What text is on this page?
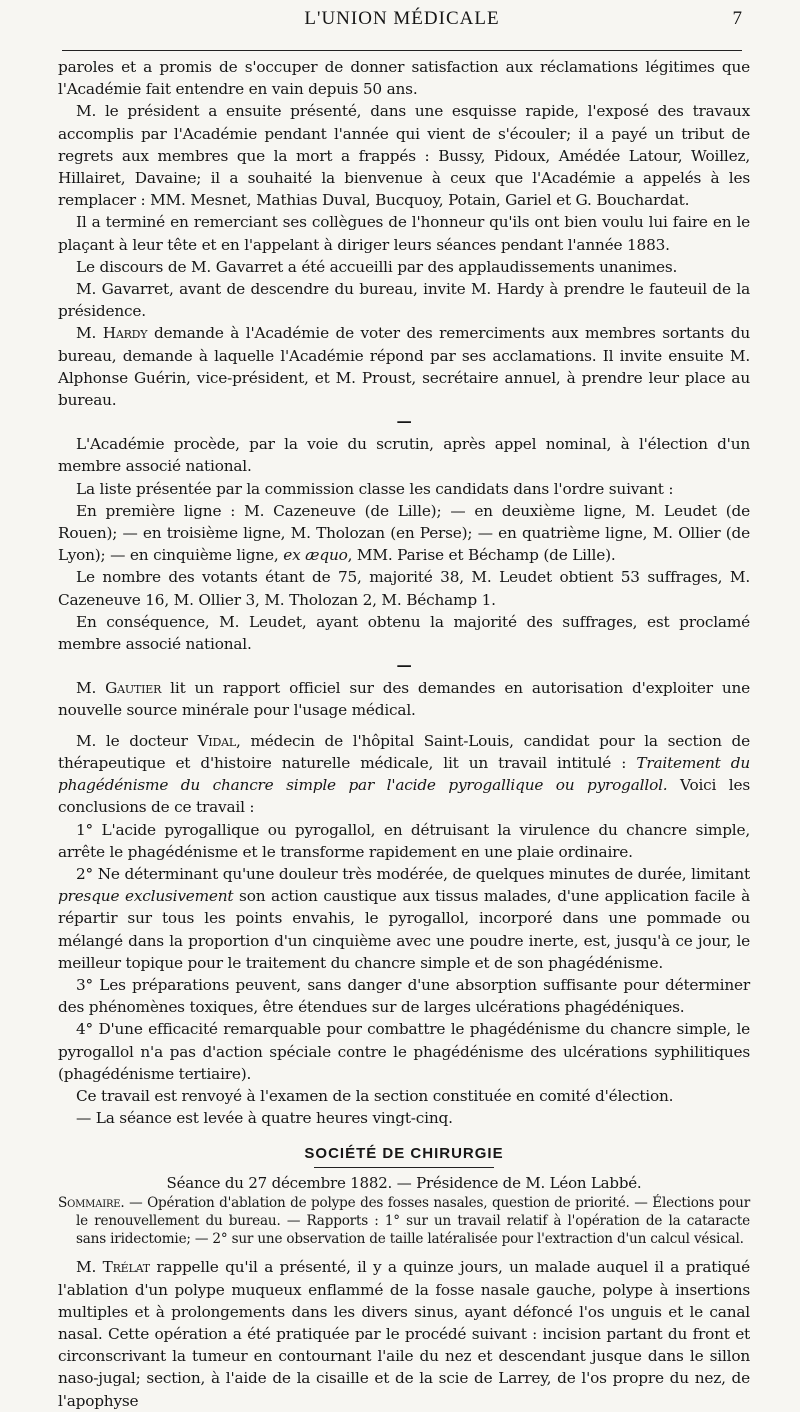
L'UNION MÉDICALE	7

paroles et a promis de s'occuper de donner satisfaction aux réclamations légitimes que l'Académie fait entendre en vain depuis 50 ans.

M. le président a ensuite présenté, dans une esquisse rapide, l'exposé des travaux accomplis par l'Académie pendant l'année qui vient de s'écouler; il a payé un tribut de regrets aux membres que la mort a frappés : Bussy, Pidoux, Amédée Latour, Woillez, Hillairet, Davaine; il a souhaité la bienvenue à ceux que l'Académie a appelés à les remplacer : MM. Mesnet, Mathias Duval, Bucquoy, Potain, Gariel et G. Bouchardat.

Il a terminé en remerciant ses collègues de l'honneur qu'ils ont bien voulu lui faire en le plaçant à leur tête et en l'appelant à diriger leurs séances pendant l'année 1883.

Le discours de M. Gavarret a été accueilli par des applaudissements unanimes.

M. Gavarret, avant de descendre du bureau, invite M. Hardy à prendre le fauteuil de la présidence.

M. Hardy demande à l'Académie de voter des remerciments aux membres sortants du bureau, demande à laquelle l'Académie répond par ses acclamations. Il invite ensuite M. Alphonse Guérin, vice-président, et M. Proust, secrétaire annuel, à prendre leur place au bureau.

—

L'Académie procède, par la voie du scrutin, après appel nominal, à l'élection d'un membre associé national.

La liste présentée par la commission classe les candidats dans l'ordre suivant :

En première ligne : M. Cazeneuve (de Lille); — en deuxième ligne, M. Leudet (de Rouen); — en troisième ligne, M. Tholozan (en Perse); — en quatrième ligne, M. Ollier (de Lyon); — en cinquième ligne, ex æquo, MM. Parise et Béchamp (de Lille).

Le nombre des votants étant de 75, majorité 38, M. Leudet obtient 53 suffrages, M. Cazeneuve 16, M. Ollier 3, M. Tholozan 2, M. Béchamp 1.

En conséquence, M. Leudet, ayant obtenu la majorité des suffrages, est proclamé membre associé national.

—

M. Gautier lit un rapport officiel sur des demandes en autorisation d'exploiter une nouvelle source minérale pour l'usage médical.

M. le docteur Vidal, médecin de l'hôpital Saint-Louis, candidat pour la section de thérapeutique et d'histoire naturelle médicale, lit un travail intitulé : Traitement du phagédénisme du chancre simple par l'acide pyrogallique ou pyrogallol. Voici les conclusions de ce travail :

1° L'acide pyrogallique ou pyrogallol, en détruisant la virulence du chancre simple, arrête le phagédénisme et le transforme rapidement en une plaie ordinaire.

2° Ne déterminant qu'une douleur très modérée, de quelques minutes de durée, limitant presque exclusivement son action caustique aux tissus malades, d'une application facile à répartir sur tous les points envahis, le pyrogallol, incorporé dans une pommade ou mélangé dans la proportion d'un cinquième avec une poudre inerte, est, jusqu'à ce jour, le meilleur topique pour le traitement du chancre simple et de son phagédénisme.

3° Les préparations peuvent, sans danger d'une absorption suffisante pour déterminer des phénomènes toxiques, être étendues sur de larges ulcérations phagédéniques.

4° D'une efficacité remarquable pour combattre le phagédénisme du chancre simple, le pyrogallol n'a pas d'action spéciale contre le phagédénisme des ulcérations syphilitiques (phagédénisme tertiaire).

Ce travail est renvoyé à l'examen de la section constituée en comité d'élection.

— La séance est levée à quatre heures vingt-cinq.

SOCIÉTÉ DE CHIRURGIE
Séance du 27 décembre 1882. — Présidence de M. Léon Labbé.

Sommaire. — Opération d'ablation de polype des fosses nasales, question de priorité. — Élections pour le renouvellement du bureau. — Rapports : 1° sur un travail relatif à l'opération de la cataracte sans iridectomie; — 2° sur une observation de taille latéralisée pour l'extraction d'un calcul vésical.

M. Trélat rappelle qu'il a présenté, il y a quinze jours, un malade auquel il a pratiqué l'ablation d'un polype muqueux enflammé de la fosse nasale gauche, polype à insertions multiples et à prolongements dans les divers sinus, ayant défoncé l'os unguis et le canal nasal. Cette opération a été pratiquée par le procédé suivant : incision partant du front et circonscrivant la tumeur en contournant l'aile du nez et descendant jusque dans le sillon naso-jugal; section, à l'aide de la cisaille et de la scie de Larrey, de l'os propre du nez, de l'apophyse
